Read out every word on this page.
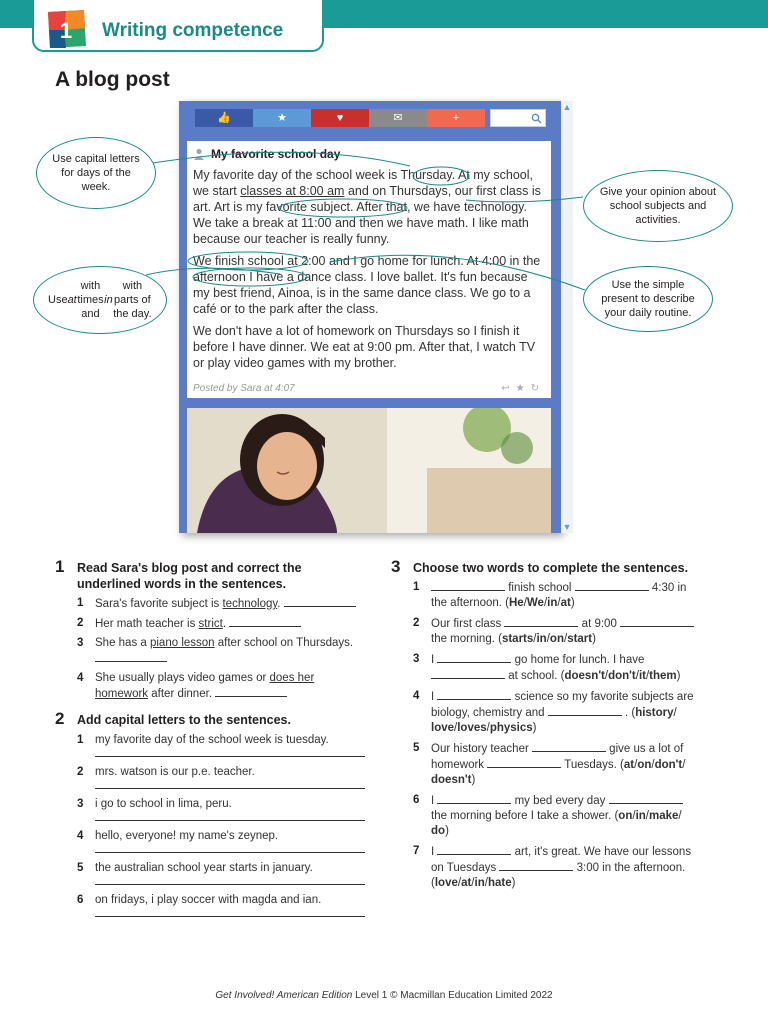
1 Writing competence
A blog post
👍	★	♥	✉	+
My favorite school day

My favorite day of the school week is Thursday. At my school, we start classes at 8:00 am and on Thursdays, our first class is art. Art is my favorite subject. After that, we have technology. We take a break at 11:00 and then we have math. I like math because our teacher is really funny.

We finish school at 2:00 and I go home for lunch. At 4:00 in the afternoon I have a dance class. I love ballet. It's fun because my best friend, Ainoa, is in the same dance class. We go to a café or to the park after the class.

We don't have a lot of homework on Thursdays so I finish it before I have dinner. We eat at 9:00 pm. After that, I watch TV or play video games with my brother.

Posted by Sara at 4:07	↩★↻
▲
▼
Use capital letters for days of the week.
Use at
with times and
in
with parts of the day.
Give your opinion about school subjects and activities.
Use the simple present to describe your daily routine.
1 Read Sara's blog post and correct the underlined words in the sentences.
1 Sara's favorite subject is technology.
2 Her math teacher is strict.
3 She has a piano lesson after school on Thursdays.

4 She usually plays video games or does her homework after dinner.
2 Add capital letters to the sentences.
1 my favorite day of the school week is tuesday.
2 mrs. watson is our p.e. teacher.
3 i go to school in lima, peru.
4 hello, everyone! my name's zeynep.
5 the australian school year starts in january.
6 on fridays, i play soccer with magda and ian.
3 Choose two words to complete the sentences.
1	finish school	4:30 in the afternoon. (He/We/in/at)
2 Our first class	at 9:00  the morning. (starts/in/on/start)
3 I	go home for lunch. I have  at school. (doesn't/don't/it/them)
4 I	science so my favorite subjects are biology, chemistry and	. (history/ love/loves/physics)
5 Our history teacher	give us a lot of homework	Tuesdays. (at/on/don't/ doesn't)
6 I	my bed every day  the morning before I take a shower. (on/in/make/ do)
7 I	art, it's great. We have our lessons on Tuesdays	3:00 in the afternoon. (love/at/in/hate)
Get Involved! American Edition Level 1 © Macmillan Education Limited 2022
